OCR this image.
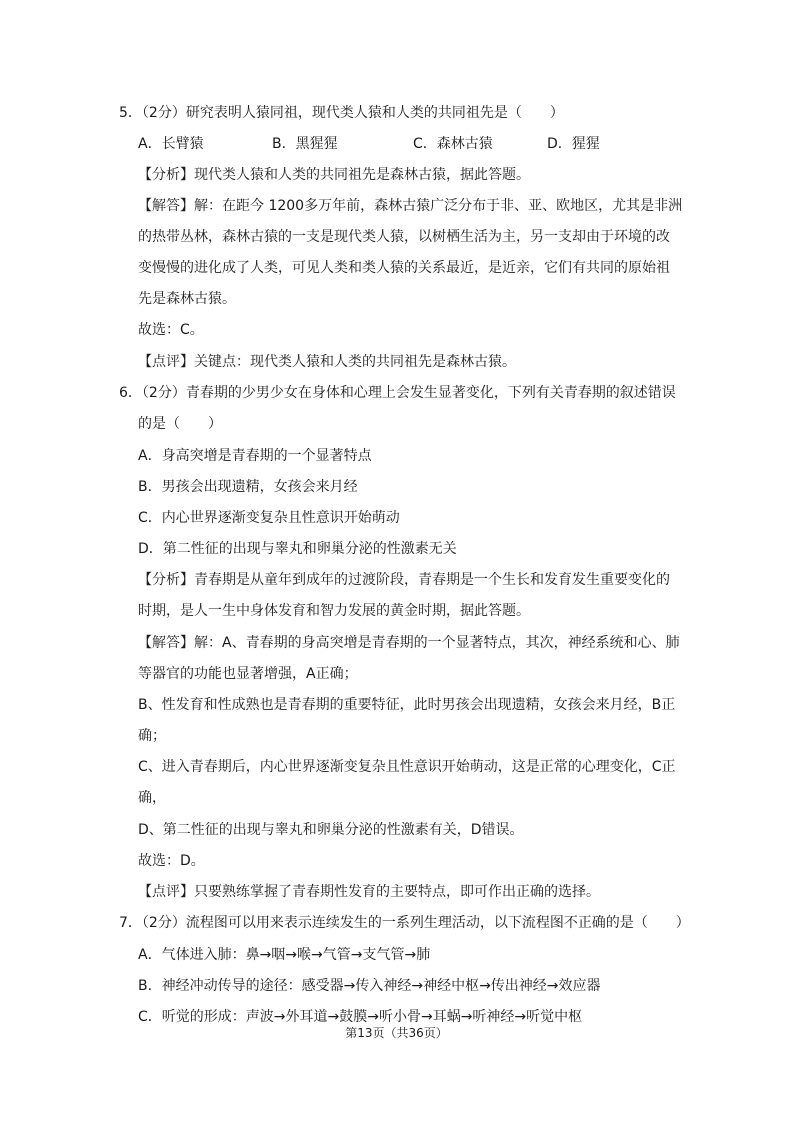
5．（2分）研究表明人猿同祖，现代类人猿和人类的共同祖先是（　　）
A．长臂猿	B．黑猩猩	C．森林古猿	D．猩猩
【分析】现代类人猿和人类的共同祖先是森林古猿，据此答题。
【解答】解：在距今 1200多万年前，森林古猿广泛分布于非、亚、欧地区，尤其是非洲
的热带丛林，森林古猿的一支是现代类人猿，以树栖生活为主，另一支却由于环境的改
变慢慢的进化成了人类，可见人类和类人猿的关系最近，是近亲，它们有共同的原始祖
先是森林古猿。
故选：C。
【点评】关键点：现代类人猿和人类的共同祖先是森林古猿。
6．（2分）青春期的少男少女在身体和心理上会发生显著变化，下列有关青春期的叙述错误
的是（　　）
A．身高突增是青春期的一个显著特点
B．男孩会出现遗精，女孩会来月经
C．内心世界逐渐变复杂且性意识开始萌动
D．第二性征的出现与睾丸和卵巢分泌的性激素无关
【分析】青春期是从童年到成年的过渡阶段，青春期是一个生长和发育发生重要变化的
时期，是人一生中身体发育和智力发展的黄金时期，据此答题。
【解答】解：A、青春期的身高突增是青春期的一个显著特点，其次，神经系统和心、肺
等器官的功能也显著增强，A正确；
B、性发育和性成熟也是青春期的重要特征，此时男孩会出现遗精，女孩会来月经，B正
确；
C、进入青春期后，内心世界逐渐变复杂且性意识开始萌动，这是正常的心理变化，C正
确，
D、第二性征的出现与睾丸和卵巢分泌的性激素有关，D错误。
故选：D。
【点评】只要熟练掌握了青春期性发育的主要特点，即可作出正确的选择。
7．（2分）流程图可以用来表示连续发生的一系列生理活动，以下流程图不正确的是（　　）
A．气体进入肺：鼻→咽→喉→气管→支气管→肺
B．神经冲动传导的途径：感受器→传入神经→神经中枢→传出神经→效应器
C．听觉的形成：声波→外耳道→鼓膜→听小骨→耳蜗→听神经→听觉中枢
第13页（共36页）
